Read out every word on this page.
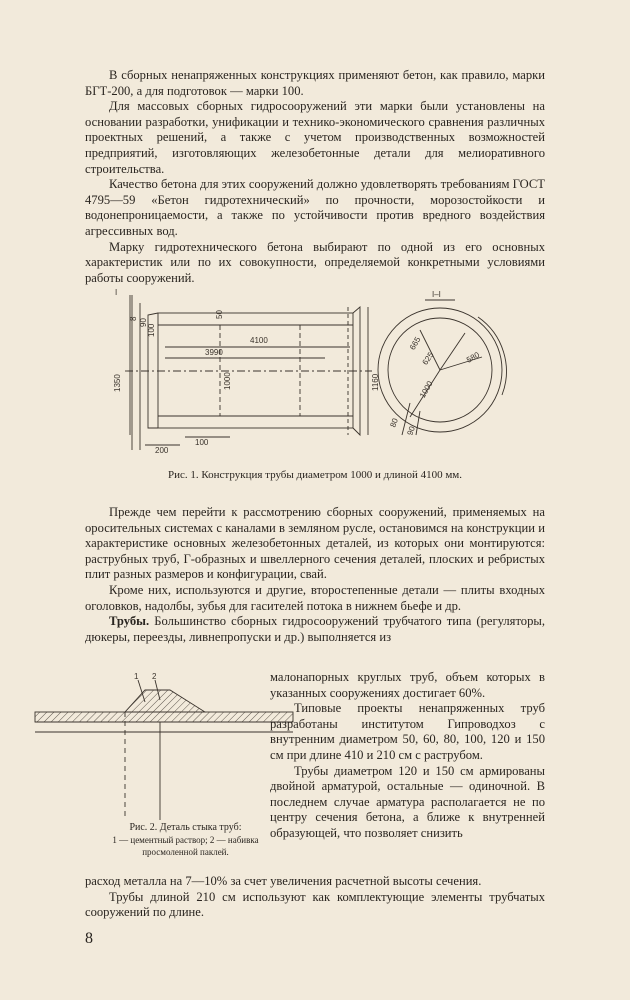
В сборных ненапряженных конструкциях применяют бетон, как правило, марки БГТ-200, а для подготовок — марки 100.

Для массовых сборных гидросооружений эти марки были установлены на основании разработки, унификации и технико-экономического сравнения различных проектных решений, а также с учетом производственных возможностей предприятий, изготовляющих железобетонные детали для мелиоративного строительства.

Качество бетона для этих сооружений должно удовлетворять требованиям ГОСТ 4795—59 «Бетон гидротехнический» по прочности, морозостойкости и водонепроницаемости, а также по устойчивости против вредного воздействия агрессивных вод.

Марку гидротехнического бетона выбирают по одной из его основных характеристик или по их совокупности, определяемой конкретными условиями работы сооружений.

I
4100
3990
200
100
1350	1000	1160
8 90
100
50
I–I
665
625	580
1000
80
90
Рис. 1. Конструкция трубы диаметром 1000 и длиной 4100 мм.

Прежде чем перейти к рассмотрению сборных сооружений, применяемых на оросительных системах с каналами в земляном русле, остановимся на конструкции и характеристике основных железобетонных деталей, из которых они монтируются: раструбных труб, Г-образных и швеллерного сечения деталей, плоских и ребристых плит разных размеров и конфигурации, свай.

Кроме них, используются и другие, второстепенные детали — плиты входных оголовков, надолбы, зубья для гасителей потока в нижнем бьефе и др.

Трубы. Большинство сборных гидросооружений трубчатого типа (регуляторы, дюкеры, переезды, ливнепропуски и др.) выполняется из

1 2	малонапорных круглых труб, объем которых в указанных сооружениях достигает 60%.

Типовые проекты ненапряженных труб разработаны институтом Гипроводхоз с внутренним диаметром 50, 60, 80, 100, 120 и 150 см при длине 410 и 210 см с раструбом.

Трубы диаметром 120 и 150 см армированы двойной арматурой, остальные — одиночной. В последнем случае арматура располагается не по центру сечения бетона, а ближе к внутренней образующей, что позволяет снизить

Рис. 2. Деталь стыка труб:
1 — цементный раствор; 2 — набивка просмоленной паклей.

расход металла на 7—10% за счет увеличения расчетной высоты сечения.

Трубы длиной 210 см используют как комплектующие элементы трубчатых сооружений по длине.

8
